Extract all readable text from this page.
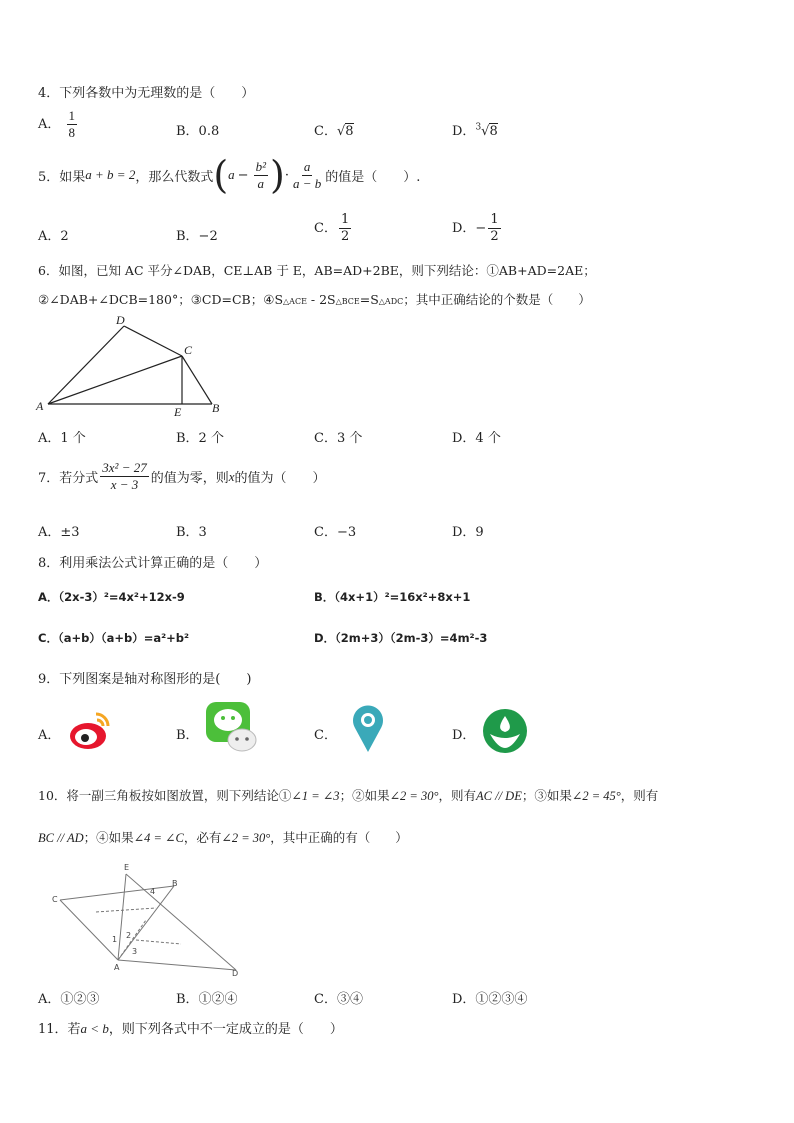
4．下列各数中为无理数的是（　　）
A． $\frac{1}{8}$	B．0.8	C．√8	D．$^3$√8
5．如果 a + b = 2 ，那么代数式 ( $a - \frac{\text{b²}}{a}$ ) · $\frac{a}{a - b}$ 的值是（　　）.
A．2	B．−2
C． $\frac{1}{2}$	D．− $\frac{1}{2}$
6．如图，已知 AC 平分∠DAB，CE⊥AB 于 E，AB=AD+2BE，则下列结论：①AB+AD=2AE；
②∠DAB+∠DCB=180°；③CD=CB；④S△ACE - 2S△BCE=S△ADC；其中正确结论的个数是（　　）
A
D
C
E	B
A．1 个	B．2 个	C．3 个	D．4 个
7．若分式 $\frac{\text{3x² − 27}}{x - 3}$ 的值为零，则 x 的值为（　　）
A．±3	B．3	C．−3	D．9
8．利用乘法公式计算正确的是（　　）
A．（2x-3）²=4x²+12x-9	B．（4x+1）²=16x²+8x+1
C．（a+b）（a+b）=a²+b²	D．（2m+3）（2m-3）=4m²-3
9．下列图案是轴对称图形的是(　　)
A．	B．	C．	D．
10．将一副三角板按如图放置，则下列结论①∠1 = ∠3；②如果∠2 = 30°，则有AC // DE；③如果∠2 = 45°，则有
BC // AD；④如果∠4 = ∠C，必有∠2 = 30°，其中正确的有（　　）
E
B
C
A
D
1 2
3
4
A．①②③	B．①②④	C．③④	D．①②③④
11．若a < b，则下列各式中不一定成立的是（　　）
